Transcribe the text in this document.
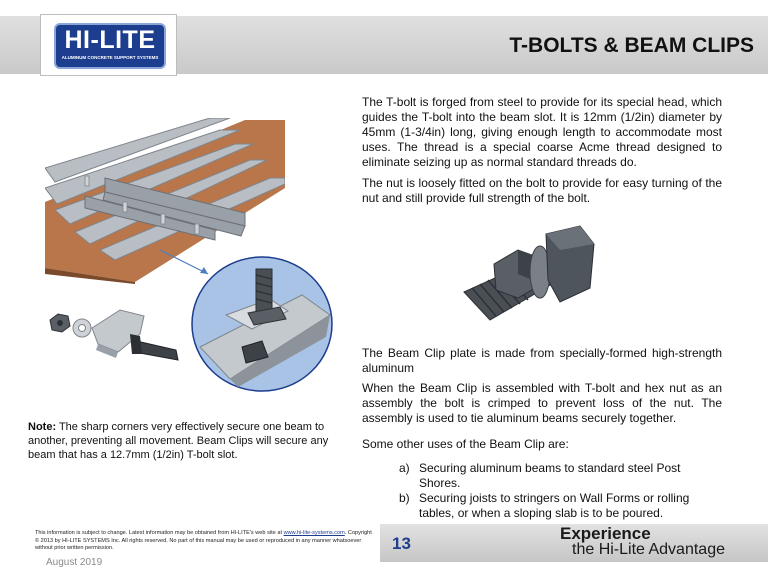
HI-LITE
ALUMINUM CONCRETE SUPPORT SYSTEMS
T-BOLTS & BEAM CLIPS

The T-bolt is forged from steel to provide for its special head, which guides the T-bolt into the beam slot. It is 12mm (1/2in) diameter by 45mm (1-3/4in) long, giving enough length to accommodate most uses. The thread is a special coarse Acme thread designed to eliminate seizing up as normal standard threads do.

The nut is loosely fitted on the bolt to provide for easy turning of the nut and still provide full strength of the bolt.

The Beam Clip plate is made from specially-formed high-strength aluminum

When the Beam Clip is assembled with T-bolt and hex nut as an assembly the bolt is crimped to prevent loss of the nut. The assembly is used to tie aluminum beams securely together.

Some other uses of the Beam Clip are:

a) Securing aluminum beams to standard steel Post Shores.
b) Securing joists to stringers on Wall Forms or rolling tables, or when a sloping slab is to be poured.

Note: The sharp corners very effectively secure one beam to another, preventing all movement. Beam Clips will secure any beam that has a 12.7mm (1/2in) T-bolt slot.

This information is subject to change. Latest information may be obtained from HI-LITE's web site at www.hi-lite-systems.com. Copyright © 2013 by HI-LITE SYSTEMS Inc. All rights reserved. No part of this manual may be used or reproduced in any manner whatsoever without prior written permission.	13
Experience
the Hi-Lite Advantage
August 2019
